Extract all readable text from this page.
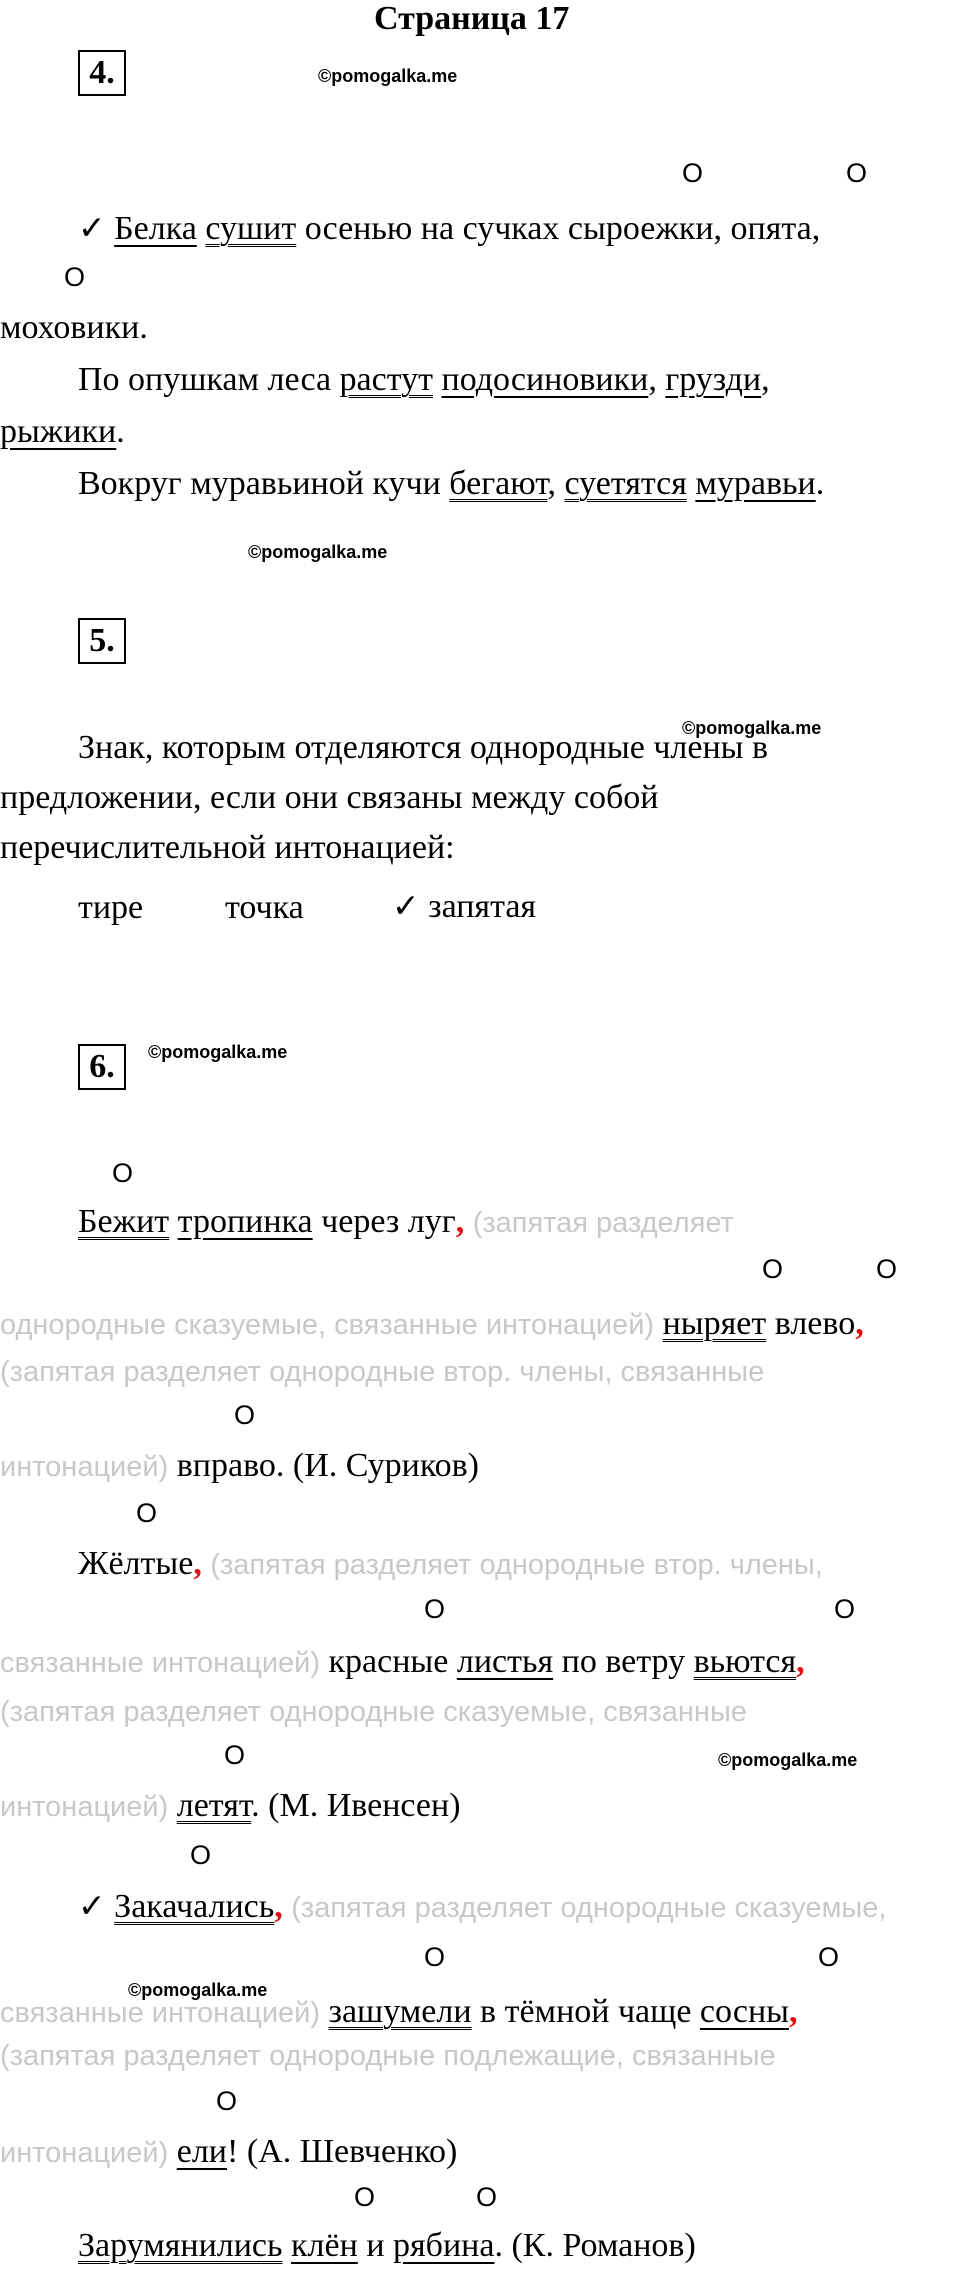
Страница 17
4.	©pomogalka.me
О	О
✓ Белка сушит осенью на сучках сыроежки, опята,
О
моховики.
По опушкам леса растут подосиновики, грузди,
рыжики.
Вокруг муравьиной кучи бегают, суетятся муравьи.
©pomogalka.me
5.
©pomogalka.me
Знак, которым отделяются однородные члены в
предложении, если они связаны между собой
перечислительной интонацией:
тире точка	✓ запятая
6.	©pomogalka.me
О
Бежит тропинка через луг, (запятая разделяет
О	О
однородные сказуемые, связанные интонацией) ныряет влево,
(запятая разделяет однородные втор. члены, связанные
О
интонацией) вправо. (И. Суриков)
О
Жёлтые, (запятая разделяет однородные втор. члены,
О	О
связанные интонацией) красные листья по ветру вьются,
(запятая разделяет однородные сказуемые, связанные
О	©pomogalka.me
интонацией) летят. (М. Ивенсен)
О
✓ Закачались, (запятая разделяет однородные сказуемые,
О	О
©pomogalka.me
связанные интонацией) зашумели в тёмной чаще сосны,
(запятая разделяет однородные подлежащие, связанные
О
интонацией) ели! (А. Шевченко)
О	О
Зарумянились клён и рябина. (К. Романов)
